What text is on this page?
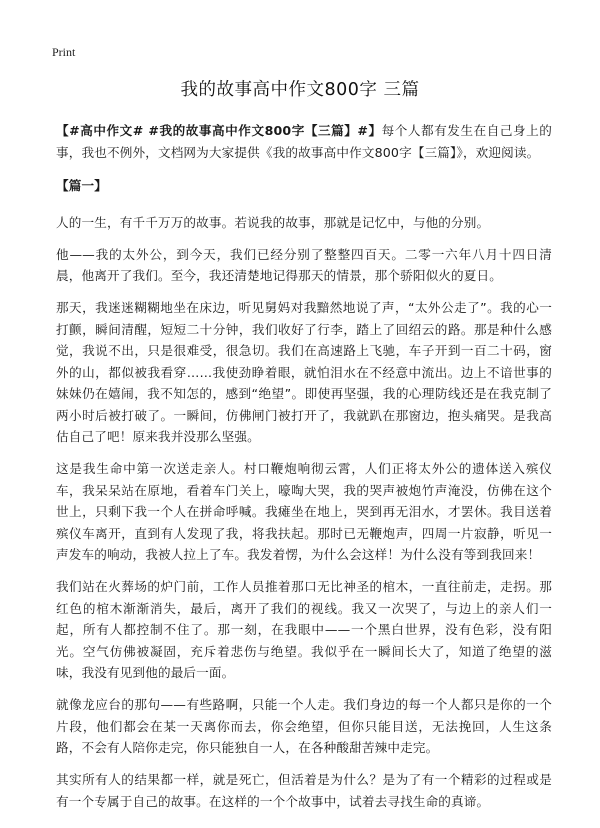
Print
我的故事高中作文800字 三篇

【#高中作文# #我的故事高中作文800字【三篇】#】每个人都有发生在自己身上的事，我也不例外，文档网为大家提供《我的故事高中作文800字【三篇】》，欢迎阅读。

【篇一】

人的一生，有千千万万的故事。若说我的故事，那就是记忆中，与他的分别。

他——我的太外公，到今天，我们已经分别了整整四百天。二零一六年八月十四日清晨，他离开了我们。至今，我还清楚地记得那天的情景，那个骄阳似火的夏日。

那天，我迷迷糊糊地坐在床边，听见舅妈对我黯然地说了声，“太外公走了”。我的心一打颤，瞬间清醒，短短二十分钟，我们收好了行李，踏上了回绍云的路。那是种什么感觉，我说不出，只是很难受，很急切。我们在高速路上飞驰，车子开到一百二十码，窗外的山，都似被我看穿……我使劲睁着眼，就怕泪水在不经意中流出。边上不谙世事的妹妹仍在嬉闹，我不知怎的，感到“绝望”。即使再坚强，我的心理防线还是在我克制了两小时后被打破了。一瞬间，仿佛闸门被打开了，我就趴在那窗边，抱头痛哭。是我高估自己了吧！原来我并没那么坚强。

这是我生命中第一次送走亲人。村口鞭炮响彻云霄，人们正将太外公的遗体送入殡仪车，我呆呆站在原地，看着车门关上，嚎啕大哭，我的哭声被炮竹声淹没，仿佛在这个世上，只剩下我一个人在拼命呼喊。我瘫坐在地上，哭到再无泪水，才罢休。我目送着殡仪车离开，直到有人发现了我，将我扶起。那时已无鞭炮声，四周一片寂静，听见一声发车的响动，我被人拉上了车。我发着愣，为什么会这样！为什么没有等到我回来！

我们站在火葬场的炉门前，工作人员推着那口无比神圣的棺木，一直往前走，走拐。那红色的棺木渐渐消失，最后，离开了我们的视线。我又一次哭了，与边上的亲人们一起，所有人都控制不住了。那一刻，在我眼中——一个黑白世界，没有色彩，没有阳光。空气仿佛被凝固，充斥着悲伤与绝望。我似乎在一瞬间长大了，知道了绝望的滋味，我没有见到他的最后一面。

就像龙应台的那句——有些路啊，只能一个人走。我们身边的每一个人都只是你的一个片段，他们都会在某一天离你而去，你会绝望，但你只能目送，无法挽回，人生这条路，不会有人陪你走完，你只能独自一人，在各种酸甜苦辣中走完。

其实所有人的结果都一样，就是死亡，但活着是为什么？是为了有一个精彩的过程或是有一个专属于自己的故事。在这样的一个个故事中，试着去寻找生命的真谛。
